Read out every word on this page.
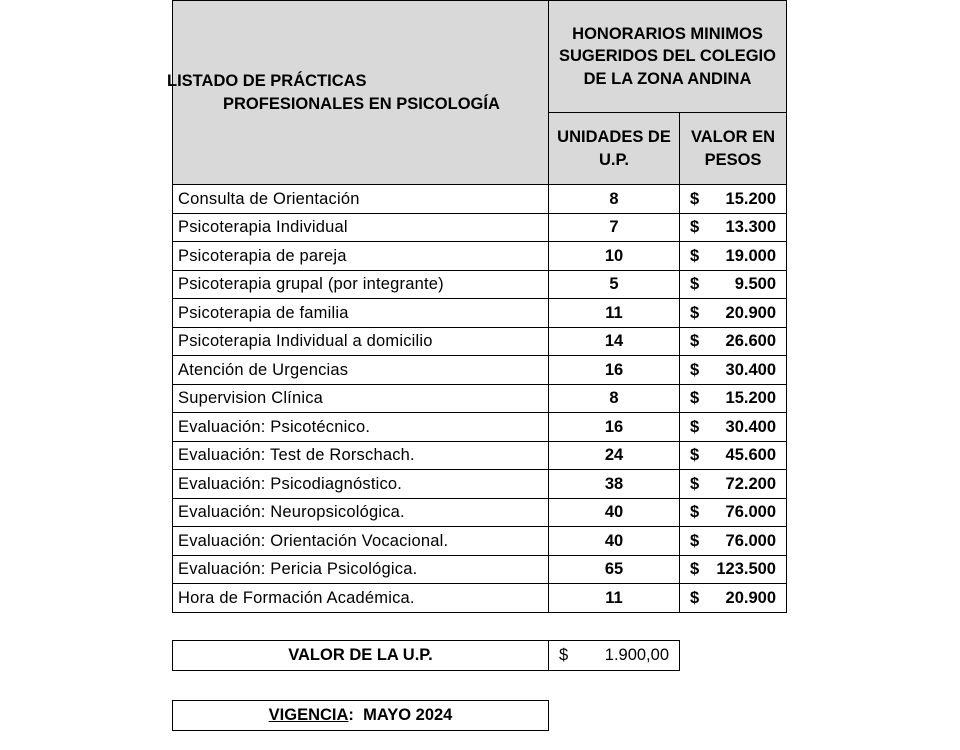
LISTADO DE PRÁCTICAS
PROFESIONALES EN PSICOLOGÍA	HONORARIOS MINIMOS SUGERIDOS DEL COLEGIO DE LA ZONA ANDINA	
	UNIDADES DE U.P.	VALOR EN PESOS
Consulta de Orientación	8	$ 15.200

Psicoterapia Individual	7	$ 13.300

Psicoterapia de pareja	10	$ 19.000

Psicoterapia grupal (por integrante)	5	$ 9.500

Psicoterapia de familia	11	$ 20.900

Psicoterapia Individual a domicilio	14	$ 26.600

Atención de Urgencias	16	$ 30.400

Supervision Clínica	8	$ 15.200

Evaluación: Psicotécnico.	16	$ 30.400

Evaluación: Test de Rorschach.	24	$ 45.600

Evaluación: Psicodiagnóstico.	38	$ 72.200

Evaluación: Neuropsicológica.	40	$ 76.000

Evaluación: Orientación Vocacional.	40	$ 76.000

Evaluación: Pericia Psicológica.	65	$ 123.500

Hora de Formación Académica.	11	$ 20.900
VALOR DE LA U.P.	$ 1.900,00
VIGENCIA: MAYO 2024
